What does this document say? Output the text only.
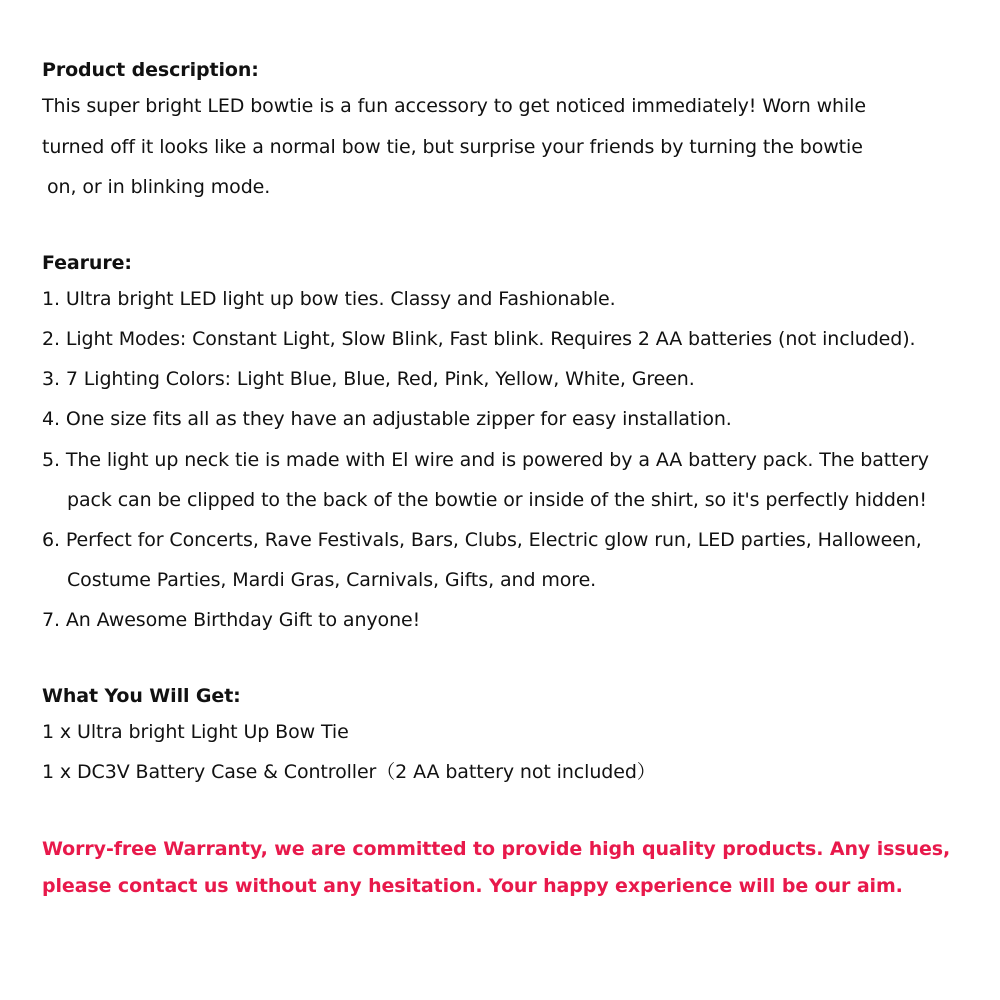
Product description:
This super bright LED bowtie is a fun accessory to get noticed immediately! Worn while
turned off it looks like a normal bow tie, but surprise your friends by turning the bowtie
on, or in blinking mode.
Fearure:
1. Ultra bright LED light up bow ties. Classy and Fashionable.
2. Light Modes: Constant Light, Slow Blink, Fast blink. Requires 2 AA batteries (not included).
3. 7 Lighting Colors: Light Blue, Blue, Red, Pink, Yellow, White, Green.
4. One size fits all as they have an adjustable zipper for easy installation.
5. The light up neck tie is made with El wire and is powered by a AA battery pack. The battery
pack can be clipped to the back of the bowtie or inside of the shirt, so it's perfectly hidden!
6. Perfect for Concerts, Rave Festivals, Bars, Clubs, Electric glow run, LED parties, Halloween,
Costume Parties, Mardi Gras, Carnivals, Gifts, and more.
7. An Awesome Birthday Gift to anyone!
What You Will Get:
1 x Ultra bright Light Up Bow Tie
1 x DC3V Battery Case & Controller（2 AA battery not included）
Worry-free Warranty, we are committed to provide high quality products. Any issues,
please contact us without any hesitation. Your happy experience will be our aim.
